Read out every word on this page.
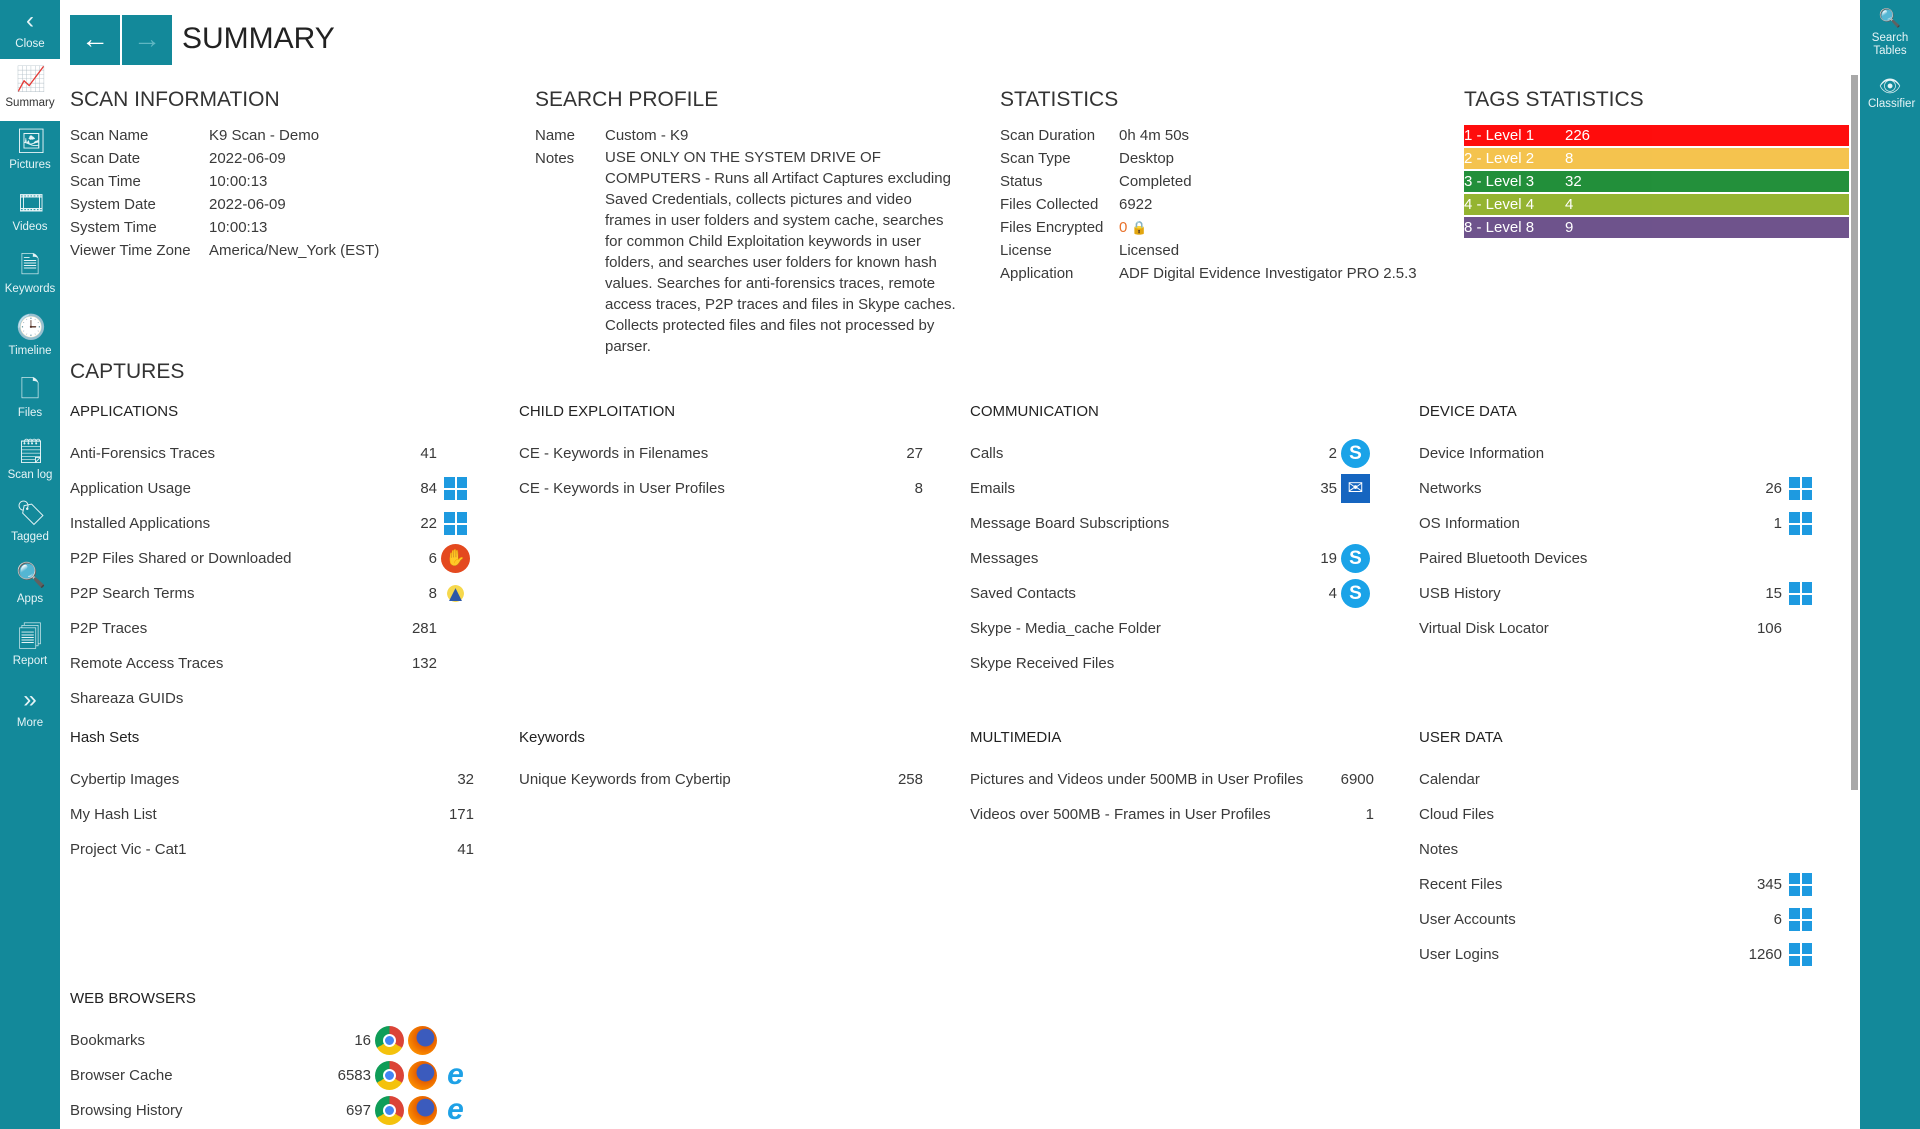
‹
Close
📈
Summary
🖼
Pictures
🎞
Videos
🗎
Keywords
🕒
Timeline
🗋
Files
🗒
Scan log
🏷
Tagged
🔍
Apps
🗐
Report
»
More
🔍
Search Tables
👁
Classifier
← → SUMMARY
SCAN INFORMATION
Scan Name	K9 Scan - Demo
Scan Date	2022-06-09
Scan Time	10:00:13
System Date	2022-06-09
System Time	10:00:13
Viewer Time Zone	America/New_York (EST)
SEARCH PROFILE
Name	Custom - K9
Notes	USE ONLY ON THE SYSTEM DRIVE OF COMPUTERS - Runs all Artifact Captures excluding Saved Credentials, collects pictures and video frames in user folders and system cache, searches for common Child Exploitation keywords in user folders, and searches user folders for known hash values. Searches for anti-forensics traces, remote access traces, P2P traces and files in Skype caches. Collects protected files and files not processed by parser.
STATISTICS
Scan Duration	0h 4m 50s
Scan Type	Desktop
Status	Completed
Files Collected	6922
Files Encrypted	0 🔒
License	Licensed
Application	ADF Digital Evidence Investigator PRO 2.5.3
TAGS STATISTICS
1 - Level 1 226
2 - Level 2 8
3 - Level 3 32
4 - Level 4 4
8 - Level 8 9
CAPTURES
APPLICATIONS
Anti-Forensics Traces	41
Application Usage	84
Installed Applications	22
P2P Files Shared or Downloaded	6 ✋
P2P Search Terms	8 ▲
P2P Traces	281
Remote Access Traces	132
Shareaza GUIDs
CHILD EXPLOITATION
CE - Keywords in Filenames	27
CE - Keywords in User Profiles	8
COMMUNICATION
Calls	2 S
Emails	35 ✉
Message Board Subscriptions
Messages	19 S
Saved Contacts	4 S
Skype - Media_cache Folder
Skype Received Files
DEVICE DATA
Device Information
Networks	26
OS Information	1
Paired Bluetooth Devices
USB History	15
Virtual Disk Locator	106
Hash Sets
Cybertip Images	32
My Hash List	171
Project Vic - Cat1	41
Keywords
Unique Keywords from Cybertip	258
MULTIMEDIA
Pictures and Videos under 500MB in User Profiles	6900
Videos over 500MB - Frames in User Profiles	1
USER DATA
Calendar
Cloud Files
Notes
Recent Files	345
User Accounts	6
User Logins	1260
WEB BROWSERS
Bookmarks	16
Browser Cache	6583	e
Browsing History	697	e
